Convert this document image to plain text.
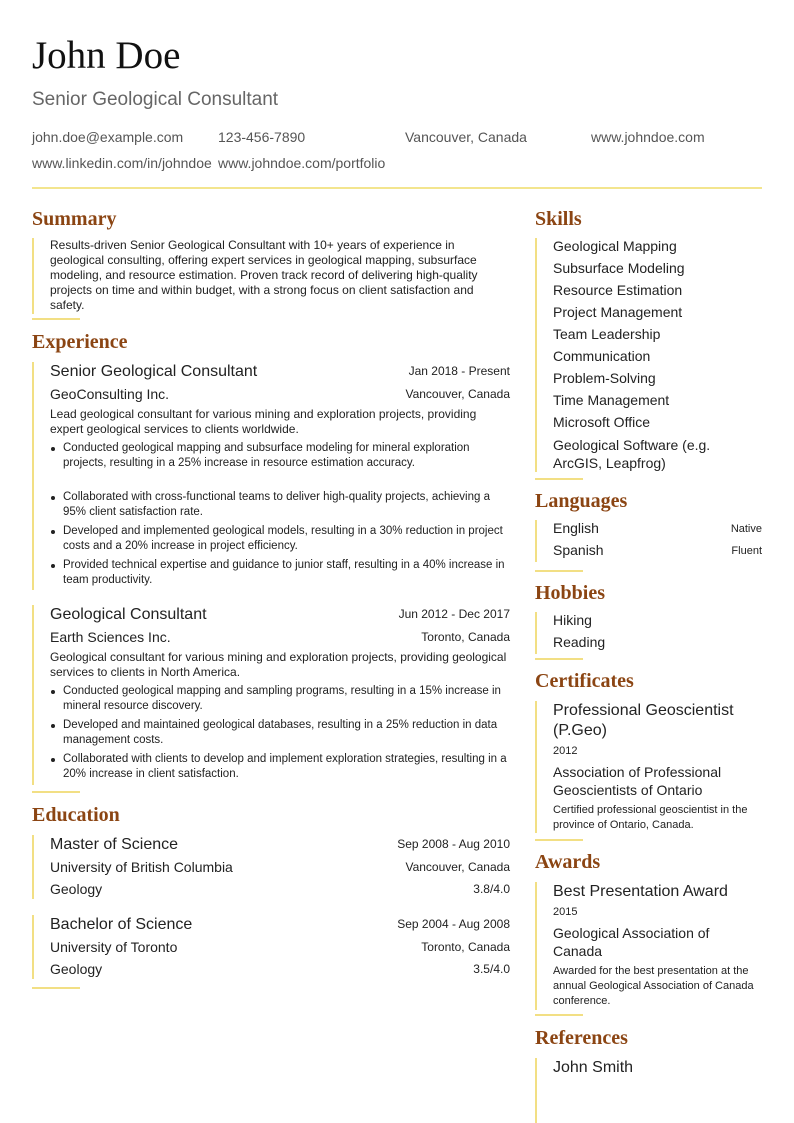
John Doe
Senior Geological Consultant
john.doe@example.com 123-456-7890	Vancouver, Canada	www.johndoe.com
www.linkedin.com/in/johndoe www.johndoe.com/portfolio
Summary
Results-driven Senior Geological Consultant with 10+ years of experience in geological consulting, offering expert services in geological mapping, subsurface modeling, and resource estimation. Proven track record of delivering high-quality projects on time and within budget, with a strong focus on client satisfaction and safety.
Experience
Senior Geological Consultant	Jan 2018 - Present
GeoConsulting Inc.	Vancouver, Canada
Lead geological consultant for various mining and exploration projects, providing expert geological services to clients worldwide.
Conducted geological mapping and subsurface modeling for mineral exploration projects, resulting in a 25% increase in resource estimation accuracy.
Collaborated with cross-functional teams to deliver high-quality projects, achieving a 95% client satisfaction rate.
Developed and implemented geological models, resulting in a 30% reduction in project costs and a 20% increase in project efficiency.
Provided technical expertise and guidance to junior staff, resulting in a 40% increase in team productivity.
Geological Consultant	Jun 2012 - Dec 2017
Earth Sciences Inc.	Toronto, Canada
Geological consultant for various mining and exploration projects, providing geological services to clients in North America.
Conducted geological mapping and sampling programs, resulting in a 15% increase in mineral resource discovery.
Developed and maintained geological databases, resulting in a 25% reduction in data management costs.
Collaborated with clients to develop and implement exploration strategies, resulting in a 20% increase in client satisfaction.
Education
Master of Science	Sep 2008 - Aug 2010
University of British Columbia	Vancouver, Canada
Geology	3.8/4.0
Bachelor of Science	Sep 2004 - Aug 2008
University of Toronto	Toronto, Canada
Geology	3.5/4.0
Skills
Geological Mapping
Subsurface Modeling
Resource Estimation
Project Management
Team Leadership
Communication
Problem-Solving
Time Management
Microsoft Office
Geological Software (e.g. ArcGIS, Leapfrog)
Languages
English	Native
Spanish	Fluent
Hobbies
Hiking
Reading
Certificates
Professional Geoscientist (P.Geo)
2012
Association of Professional Geoscientists of Ontario
Certified professional geoscientist in the province of Ontario, Canada.
Awards
Best Presentation Award
2015
Geological Association of Canada
Awarded for the best presentation at the annual Geological Association of Canada conference.
References
John Smith
